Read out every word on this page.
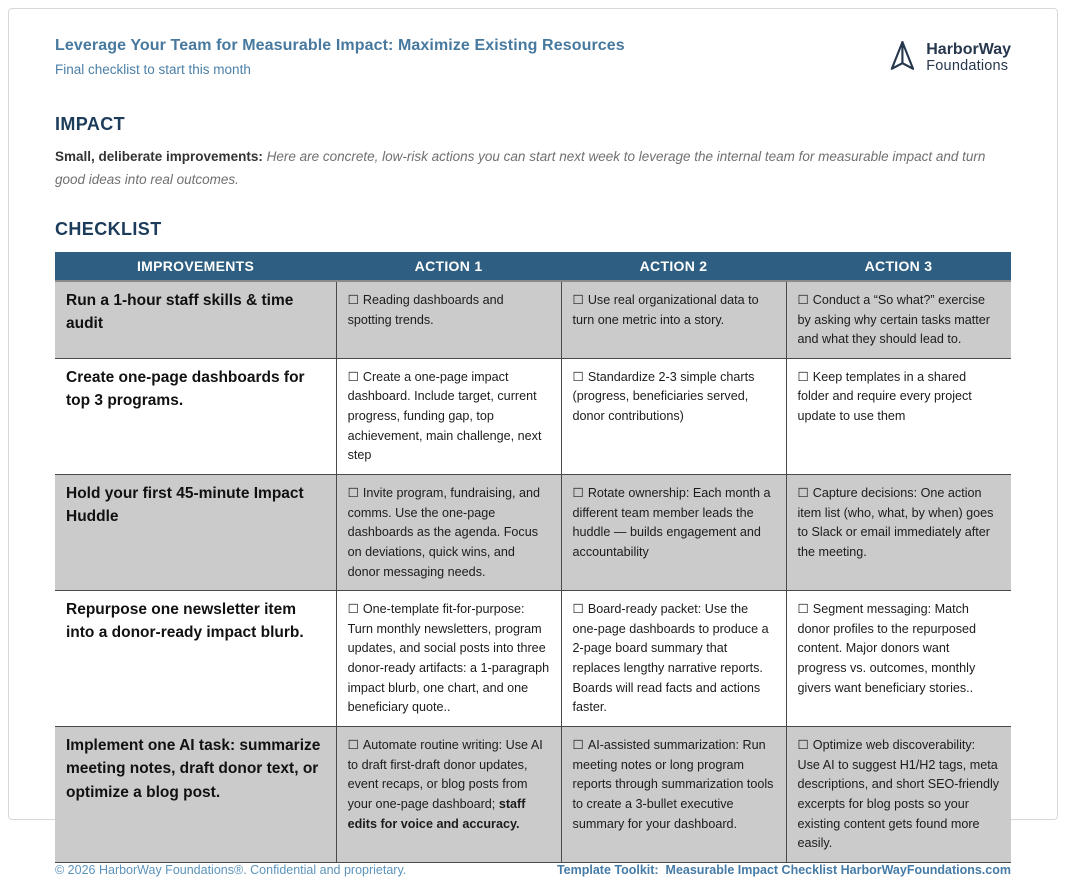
Leverage Your Team for Measurable Impact: Maximize Existing Resources
Final checklist to start this month
HarborWay
Foundations
IMPACT
Small, deliberate improvements: Here are concrete, low-risk actions you can start next week to leverage the internal team for measurable impact and turn good ideas into real outcomes.
CHECKLIST
IMPROVEMENTS	ACTION 1	ACTION 2	ACTION 3
Run a 1-hour staff skills & time audit	☐ Reading dashboards and spotting trends.	☐ Use real organizational data to turn one metric into a story.	☐ Conduct a “So what?” exercise by asking why certain tasks matter and what they should lead to.
Create one-page dashboards for top 3 programs.	☐ Create a one-page impact dashboard. Include target, current progress, funding gap, top achievement, main challenge, next step	☐ Standardize 2-3 simple charts (progress, beneficiaries served, donor contributions)	☐ Keep templates in a shared folder and require every project update to use them
Hold your first 45-minute Impact Huddle	☐ Invite program, fundraising, and comms. Use the one-page dashboards as the agenda. Focus on deviations, quick wins, and donor messaging needs.	☐ Rotate ownership: Each month a different team member leads the huddle — builds engagement and accountability	☐ Capture decisions: One action item list (who, what, by when) goes to Slack or email immediately after the meeting.
Repurpose one newsletter item into a donor-ready impact blurb.	☐ One-template fit-for-purpose: Turn monthly newsletters, program updates, and social posts into three donor-ready artifacts: a 1-paragraph impact blurb, one chart, and one beneficiary quote..	☐ Board-ready packet: Use the one-page dashboards to produce a 2-page board summary that replaces lengthy narrative reports. Boards will read facts and actions faster.	☐ Segment messaging: Match donor profiles to the repurposed content. Major donors want progress vs. outcomes, monthly givers want beneficiary stories..
Implement one AI task: summarize meeting notes, draft donor text, or optimize a blog post.	☐ Automate routine writing: Use AI to draft first-draft donor updates, event recaps, or blog posts from your one-page dashboard; staff edits for voice and accuracy.	☐ AI-assisted summarization: Run meeting notes or long program reports through summarization tools to create a 3-bullet executive summary for your dashboard.	☐ Optimize web discoverability: Use AI to suggest H1/H2 tags, meta descriptions, and short SEO-friendly excerpts for blog posts so your existing content gets found more easily.
© 2026 HarborWay Foundations®. Confidential and proprietary.	Template Toolkit:  Measurable Impact Checklist HarborWayFoundations.com
